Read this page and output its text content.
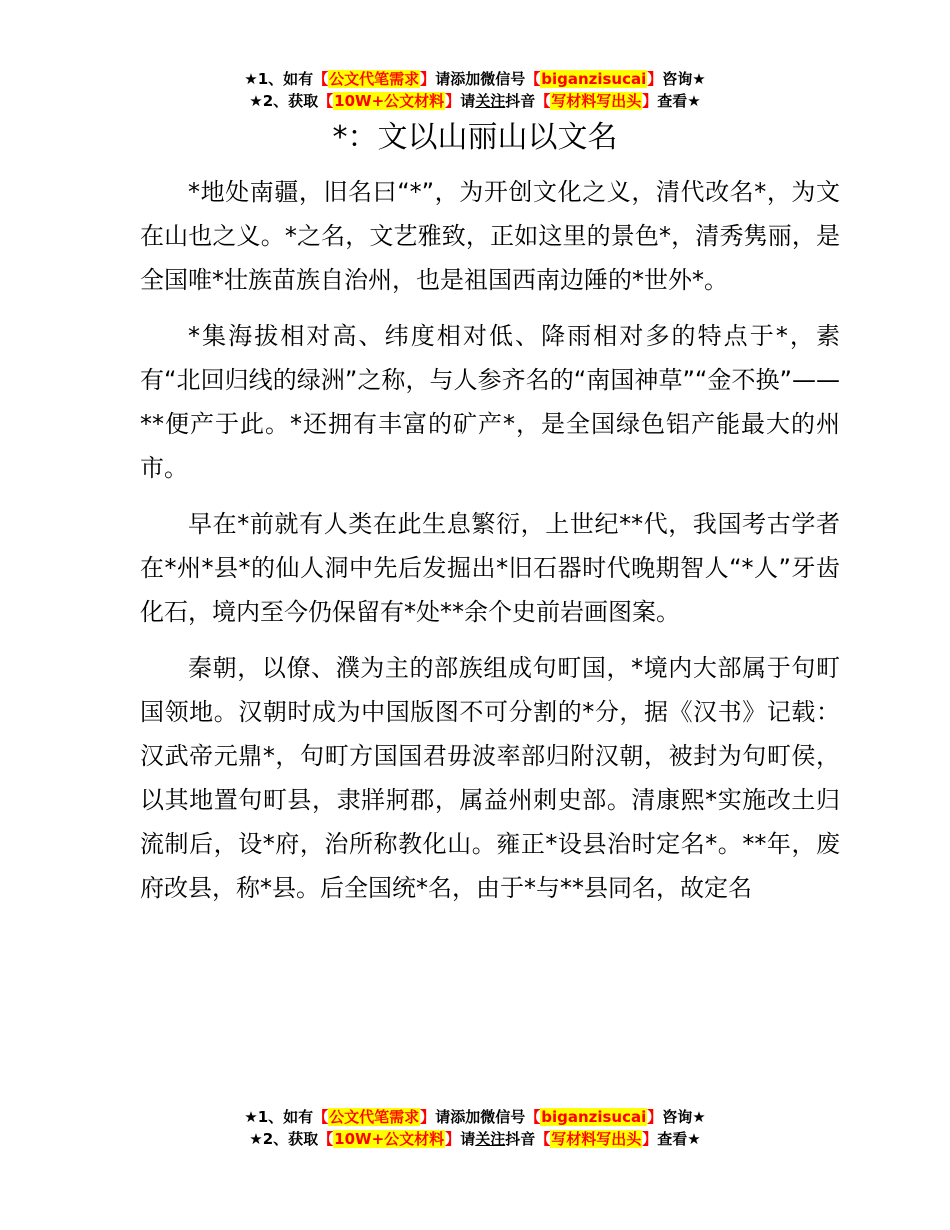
★1、如有【公文代笔需求】请添加微信号【biganzisucai】咨询★
★2、获取【10W+公文材料】请关注抖音【写材料写出头】查看★
*：文以山丽山以文名

*地处南疆，旧名曰“*”，为开创文化之义，清代改名*，为文在山也之义。*之名，文艺雅致，正如这里的景色*，清秀隽丽，是全国唯*壮族苗族自治州，也是祖国西南边陲的*世外*。

*集海拔相对高、纬度相对低、降雨相对多的特点于*，素有“北回归线的绿洲”之称，与人参齐名的“南国神草”“金不换”——**便产于此。*还拥有丰富的矿产*，是全国绿色铝产能最大的州市。

早在*前就有人类在此生息繁衍，上世纪**代，我国考古学者在*州*县*的仙人洞中先后发掘出*旧石器时代晚期智人“*人”牙齿化石，境内至今仍保留有*处**余个史前岩画图案。

秦朝，以僚、濮为主的部族组成句町国，*境内大部属于句町国领地。汉朝时成为中国版图不可分割的*分，据《汉书》记载：汉武帝元鼎*，句町方国国君毋波率部归附汉朝，被封为句町侯，以其地置句町县，隶牂牁郡，属益州刺史部。清康熙*实施改土归流制后，设*府，治所称教化山。雍正*设县治时定名*。**年，废府改县，称*县。后全国统*名，由于*与**县同名，故定名

★1、如有【公文代笔需求】请添加微信号【biganzisucai】咨询★
★2、获取【10W+公文材料】请关注抖音【写材料写出头】查看★
